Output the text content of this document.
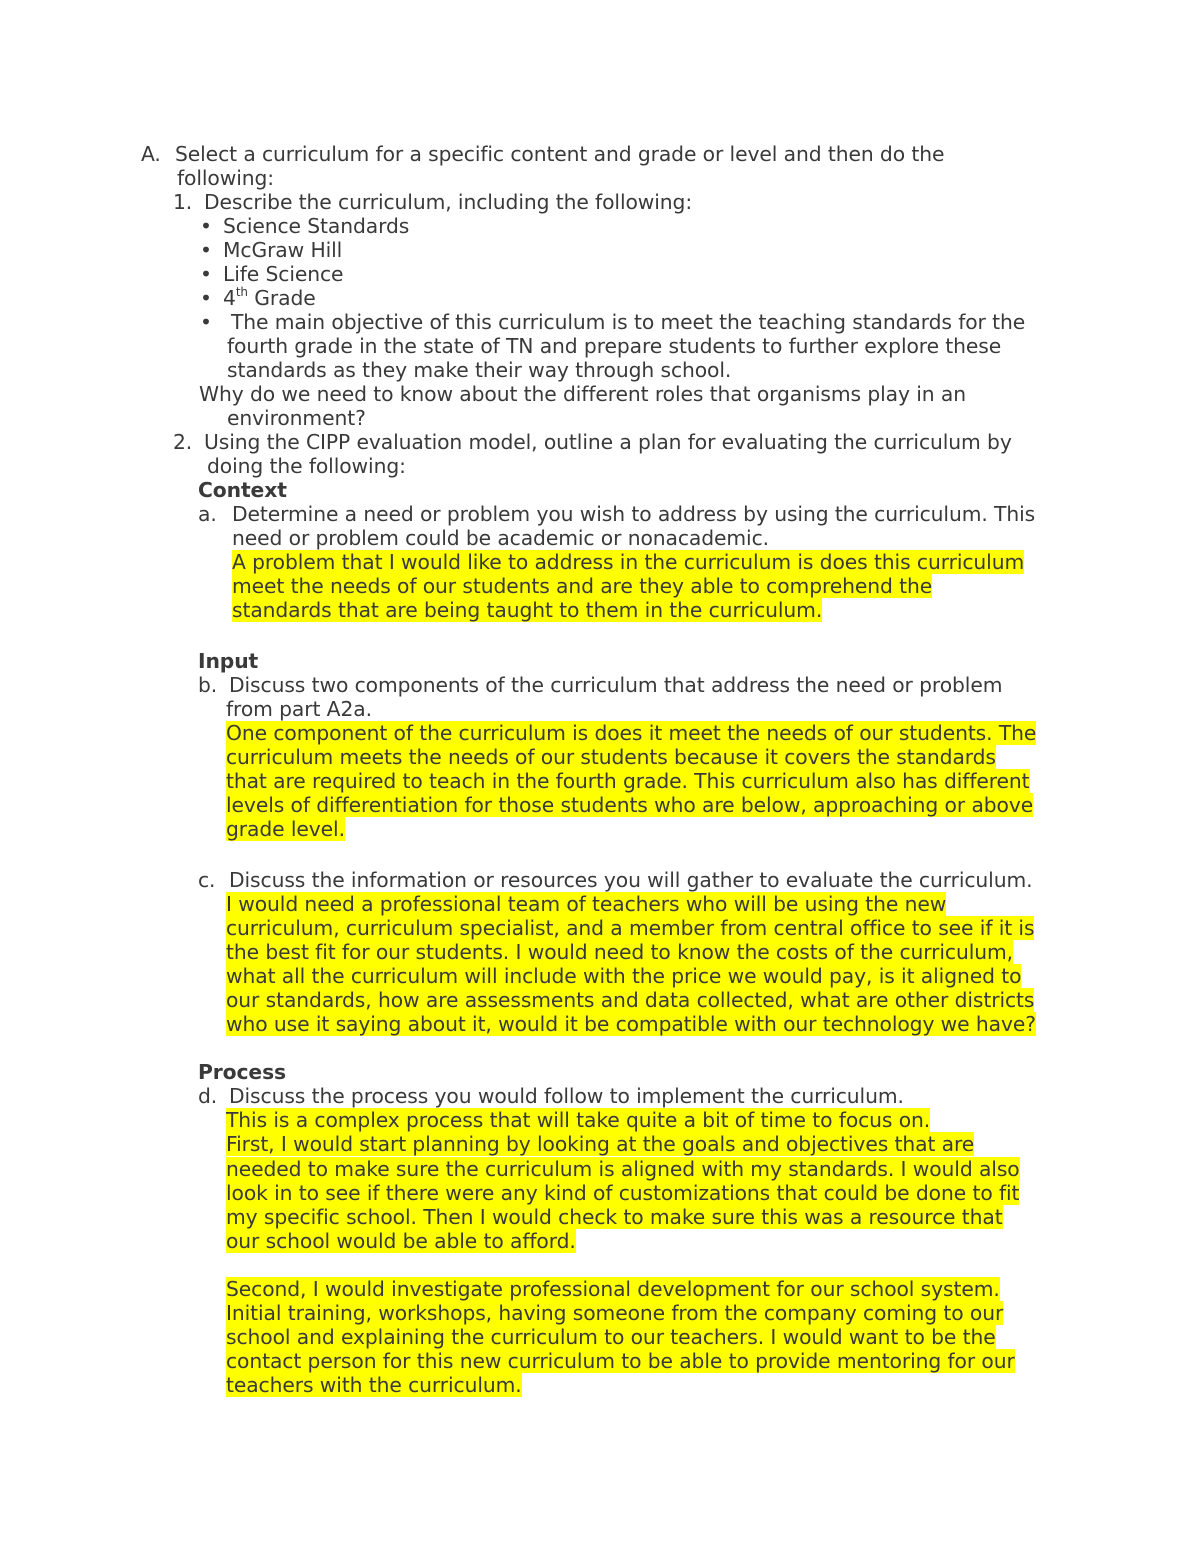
A. Select a curriculum for a specific content and grade or level and then do the
following:
1. Describe the curriculum, including the following:
• Science Standards
• McGraw Hill
• Life Science
• 4th Grade
• The main objective of this curriculum is to meet the teaching standards for the
fourth grade in the state of TN and prepare students to further explore these
standards as they make their way through school.
Why do we need to know about the different roles that organisms play in an
environment?
2. Using the CIPP evaluation model, outline a plan for evaluating the curriculum by
doing the following:
Context
a. Determine a need or problem you wish to address by using the curriculum. This
need or problem could be academic or nonacademic.
A problem that I would like to address in the curriculum is does this curriculum
meet the needs of our students and are they able to comprehend the
standards that are being taught to them in the curriculum.
Input
b. Discuss two components of the curriculum that address the need or problem
from part A2a.
One component of the curriculum is does it meet the needs of our students. The
curriculum meets the needs of our students because it covers the standards
that are required to teach in the fourth grade. This curriculum also has different
levels of differentiation for those students who are below, approaching or above
grade level.
c. Discuss the information or resources you will gather to evaluate the curriculum.
I would need a professional team of teachers who will be using the new
curriculum, curriculum specialist, and a member from central office to see if it is
the best fit for our students. I would need to know the costs of the curriculum,
what all the curriculum will include with the price we would pay, is it aligned to
our standards, how are assessments and data collected, what are other districts
who use it saying about it, would it be compatible with our technology we have?
Process
d. Discuss the process you would follow to implement the curriculum.
This is a complex process that will take quite a bit of time to focus on.
First, I would start planning by looking at the goals and objectives that are
needed to make sure the curriculum is aligned with my standards. I would also
look in to see if there were any kind of customizations that could be done to fit
my specific school. Then I would check to make sure this was a resource that
our school would be able to afford.
Second, I would investigate professional development for our school system.
Initial training, workshops, having someone from the company coming to our
school and explaining the curriculum to our teachers. I would want to be the
contact person for this new curriculum to be able to provide mentoring for our
teachers with the curriculum.
